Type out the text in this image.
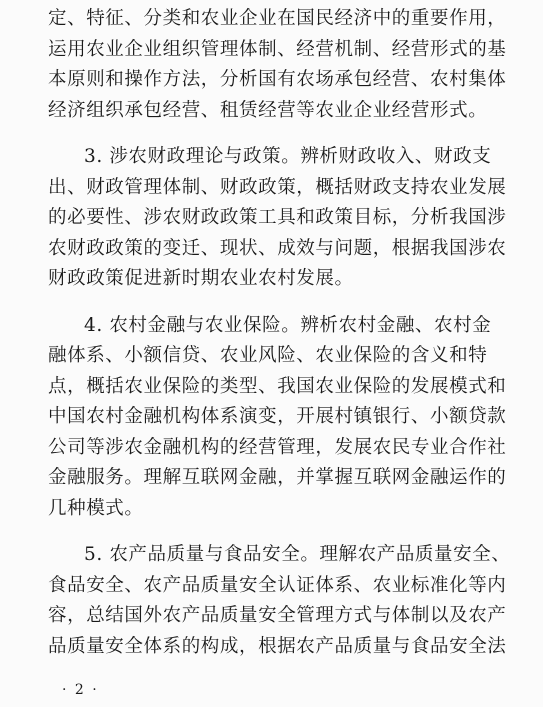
定、特征、分类和农业企业在国民经济中的重要作用，
运用农业企业组织管理体制、经营机制、经营形式的基
本原则和操作方法，分析国有农场承包经营、农村集体
经济组织承包经营、租赁经营等农业企业经营形式。
3. 涉农财政理论与政策。辨析财政收入、财政支
出、财政管理体制、财政政策，概括财政支持农业发展
的必要性、涉农财政政策工具和政策目标，分析我国涉
农财政政策的变迁、现状、成效与问题，根据我国涉农
财政政策促进新时期农业农村发展。
4. 农村金融与农业保险。辨析农村金融、农村金
融体系、小额信贷、农业风险、农业保险的含义和特
点，概括农业保险的类型、我国农业保险的发展模式和
中国农村金融机构体系演变，开展村镇银行、小额贷款
公司等涉农金融机构的经营管理，发展农民专业合作社
金融服务。理解互联网金融，并掌握互联网金融运作的
几种模式。
5. 农产品质量与食品安全。理解农产品质量安全、
食品安全、农产品质量安全认证体系、农业标准化等内
容，总结国外农产品质量安全管理方式与体制以及农产
品质量安全体系的构成，根据农产品质量与食品安全法
· 2 ·
